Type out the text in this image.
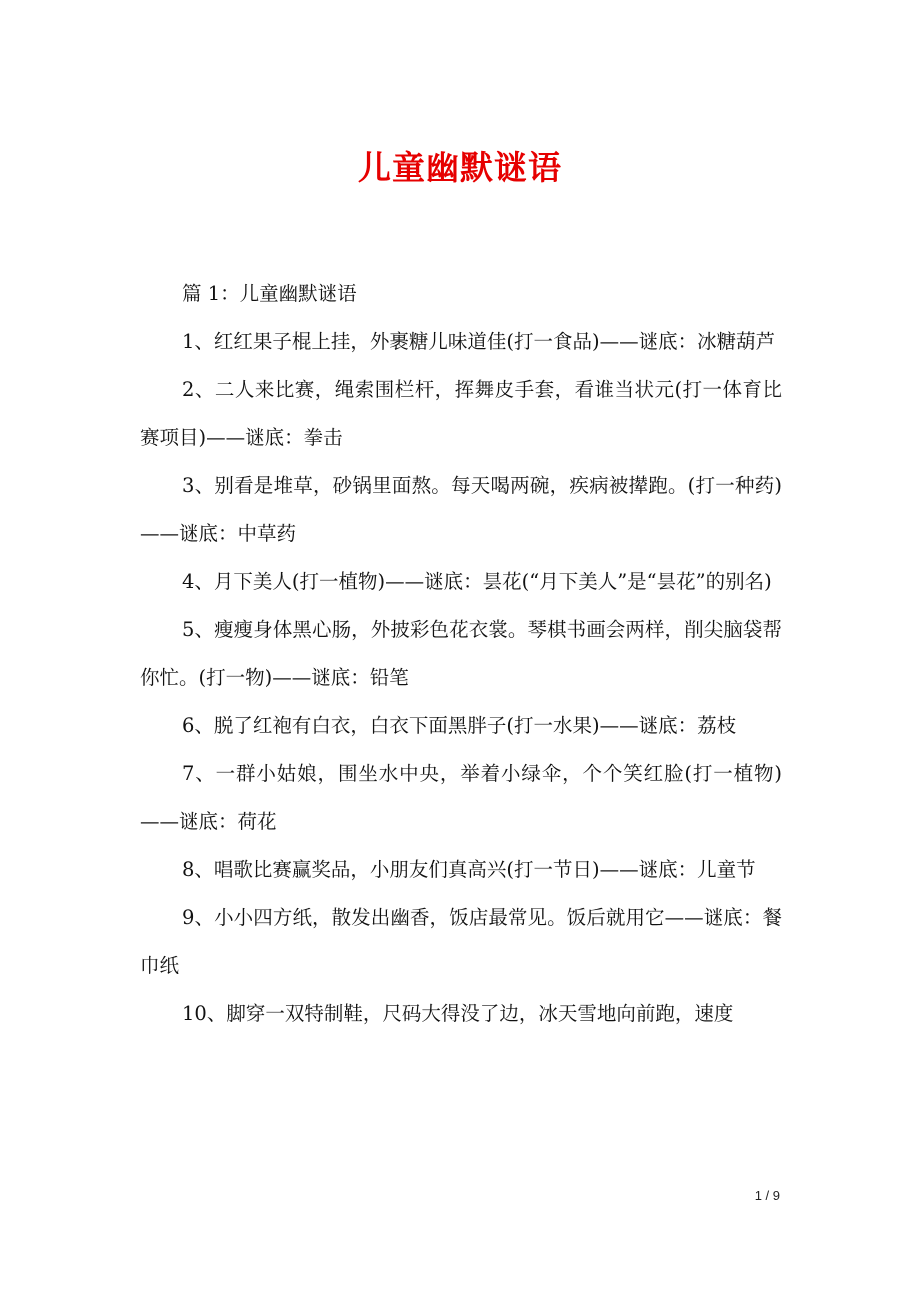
儿童幽默谜语

篇 1：儿童幽默谜语

1、红红果子棍上挂，外裹糖儿味道佳(打一食品)——谜底：冰糖葫芦

2、二人来比赛，绳索围栏杆，挥舞皮手套，看谁当状元(打一体育比赛项目)——谜底：拳击

3、别看是堆草，砂锅里面熬。每天喝两碗，疾病被撵跑。(打一种药)——谜底：中草药

4、月下美人(打一植物)——谜底：昙花(“月下美人”是“昙花”的别名)

5、瘦瘦身体黑心肠，外披彩色花衣裳。琴棋书画会两样，削尖脑袋帮你忙。(打一物)——谜底：铅笔

6、脱了红袍有白衣，白衣下面黑胖子(打一水果)——谜底：荔枝

7、一群小姑娘，围坐水中央，举着小绿伞，个个笑红脸(打一植物)——谜底：荷花

8、唱歌比赛赢奖品，小朋友们真高兴(打一节日)——谜底：儿童节

9、小小四方纸，散发出幽香，饭店最常见。饭后就用它——谜底：餐巾纸

10、脚穿一双特制鞋，尺码大得没了边，冰天雪地向前跑，速度

1 / 9
